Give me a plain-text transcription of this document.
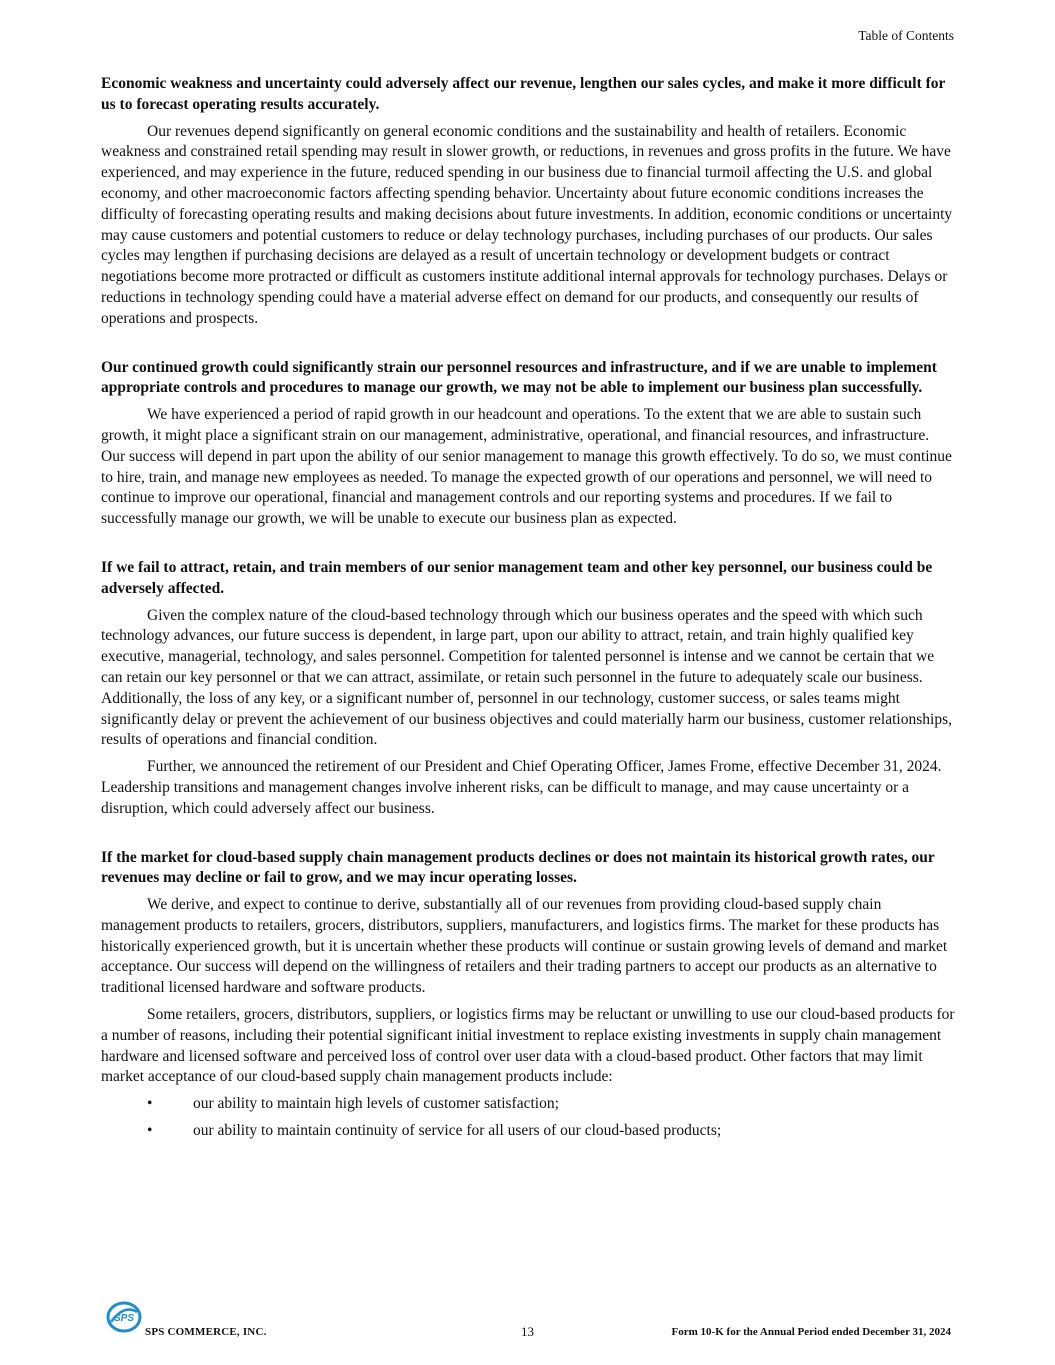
Table of Contents

Economic weakness and uncertainty could adversely affect our revenue, lengthen our sales cycles, and make it more difficult for us to forecast operating results accurately.

Our revenues depend significantly on general economic conditions and the sustainability and health of retailers. Economic weakness and constrained retail spending may result in slower growth, or reductions, in revenues and gross profits in the future. We have experienced, and may experience in the future, reduced spending in our business due to financial turmoil affecting the U.S. and global economy, and other macroeconomic factors affecting spending behavior. Uncertainty about future economic conditions increases the difficulty of forecasting operating results and making decisions about future investments. In addition, economic conditions or uncertainty may cause customers and potential customers to reduce or delay technology purchases, including purchases of our products. Our sales cycles may lengthen if purchasing decisions are delayed as a result of uncertain technology or development budgets or contract negotiations become more protracted or difficult as customers institute additional internal approvals for technology purchases. Delays or reductions in technology spending could have a material adverse effect on demand for our products, and consequently our results of operations and prospects.

Our continued growth could significantly strain our personnel resources and infrastructure, and if we are unable to implement appropriate controls and procedures to manage our growth, we may not be able to implement our business plan successfully.

We have experienced a period of rapid growth in our headcount and operations. To the extent that we are able to sustain such growth, it might place a significant strain on our management, administrative, operational, and financial resources, and infrastructure. Our success will depend in part upon the ability of our senior management to manage this growth effectively. To do so, we must continue to hire, train, and manage new employees as needed. To manage the expected growth of our operations and personnel, we will need to continue to improve our operational, financial and management controls and our reporting systems and procedures. If we fail to successfully manage our growth, we will be unable to execute our business plan as expected.

If we fail to attract, retain, and train members of our senior management team and other key personnel, our business could be adversely affected.

Given the complex nature of the cloud-based technology through which our business operates and the speed with which such technology advances, our future success is dependent, in large part, upon our ability to attract, retain, and train highly qualified key executive, managerial, technology, and sales personnel. Competition for talented personnel is intense and we cannot be certain that we can retain our key personnel or that we can attract, assimilate, or retain such personnel in the future to adequately scale our business. Additionally, the loss of any key, or a significant number of, personnel in our technology, customer success, or sales teams might significantly delay or prevent the achievement of our business objectives and could materially harm our business, customer relationships, results of operations and financial condition.

Further, we announced the retirement of our President and Chief Operating Officer, James Frome, effective December 31, 2024. Leadership transitions and management changes involve inherent risks, can be difficult to manage, and may cause uncertainty or a disruption, which could adversely affect our business.

If the market for cloud-based supply chain management products declines or does not maintain its historical growth rates, our revenues may decline or fail to grow, and we may incur operating losses.

We derive, and expect to continue to derive, substantially all of our revenues from providing cloud-based supply chain management products to retailers, grocers, distributors, suppliers, manufacturers, and logistics firms. The market for these products has historically experienced growth, but it is uncertain whether these products will continue or sustain growing levels of demand and market acceptance. Our success will depend on the willingness of retailers and their trading partners to accept our products as an alternative to traditional licensed hardware and software products.

Some retailers, grocers, distributors, suppliers, or logistics firms may be reluctant or unwilling to use our cloud-based products for a number of reasons, including their potential significant initial investment to replace existing investments in supply chain management hardware and licensed software and perceived loss of control over user data with a cloud-based product. Other factors that may limit market acceptance of our cloud-based supply chain management products include:

•	our ability to maintain high levels of customer satisfaction;
•	our ability to maintain continuity of service for all users of our cloud-based products;
SPS
SPS COMMERCE, INC.	13	Form 10-K for the Annual Period ended December 31, 2024
